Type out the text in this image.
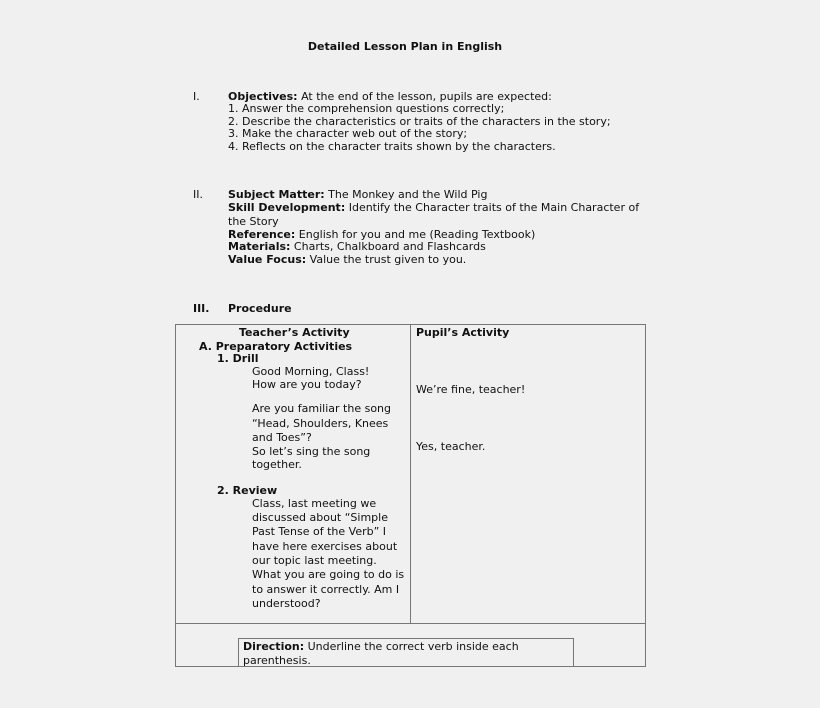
Detailed Lesson Plan in English
I.	Objectives: At the end of the lesson, pupils are expected:
1. Answer the comprehension questions correctly;
2. Describe the characteristics or traits of the characters in the story;
3. Make the character web out of the story;
4. Reflects on the character traits shown by the characters.
II. Subject Matter: The Monkey and the Wild Pig
Skill Development: Identify the Character traits of the Main Character of
the Story
Reference: English for you and me (Reading Textbook)
Materials: Charts, Chalkboard and Flashcards
Value Focus: Value the trust given to you.
III. Procedure
Teacher’s Activity	Pupil’s Activity
A. Preparatory Activities
1. Drill
Good Morning, Class!
How are you today?
Are you familiar the song
“Head, Shoulders, Knees
and Toes”?
So let’s sing the song
together.
2. Review
Class, last meeting we
discussed about “Simple
Past Tense of the Verb” I
have here exercises about
our topic last meeting.
What you are going to do is
to answer it correctly. Am I
understood?
We’re fine, teacher!
Yes, teacher.
Direction: Underline the correct verb inside each
parenthesis.
